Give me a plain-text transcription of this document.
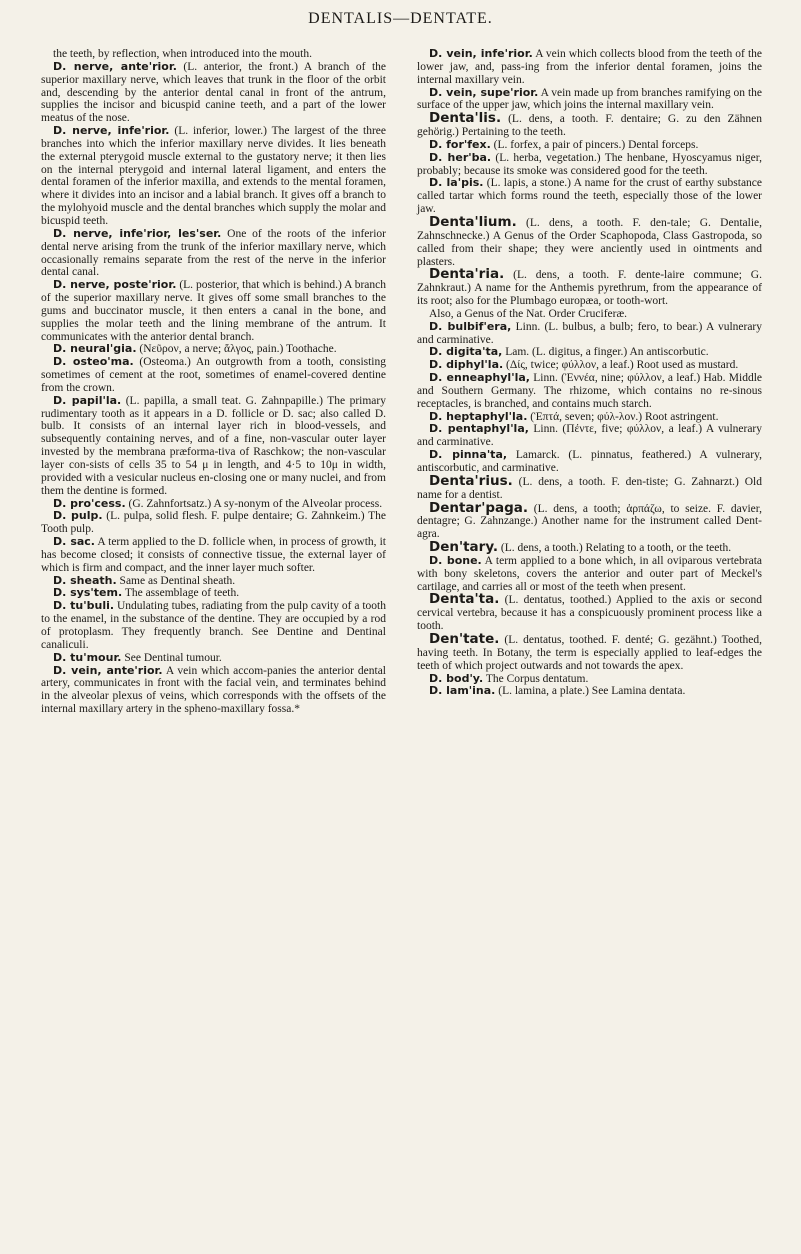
DENTALIS—DENTATE.

the teeth, by reflection, when introduced into the mouth.

D. nerve, ante'rior. (L. anterior, the front.) A branch of the superior maxillary nerve, which leaves that trunk in the floor of the orbit and, descending by the anterior dental canal in front of the antrum, supplies the incisor and bicuspid canine teeth, and a part of the lower meatus of the nose.

D. nerve, infe'rior. (L. inferior, lower.) The largest of the three branches into which the inferior maxillary nerve divides. It lies beneath the external pterygoid muscle external to the gustatory nerve; it then lies on the internal pterygoid and internal lateral ligament, and enters the dental foramen of the inferior maxilla, and extends to the mental foramen, where it divides into an incisor and a labial branch. It gives off a branch to the mylohyoid muscle and the dental branches which supply the molar and bicuspid teeth.

D. nerve, infe'rior, les'ser. One of the roots of the inferior dental nerve arising from the trunk of the inferior maxillary nerve, which occasionally remains separate from the rest of the nerve in the inferior dental canal.

D. nerve, poste'rior. (L. posterior, that which is behind.) A branch of the superior maxillary nerve. It gives off some small branches to the gums and buccinator muscle, it then enters a canal in the bone, and supplies the molar teeth and the lining membrane of the antrum. It communicates with the anterior dental branch.

D. neural'gia. (Νεῦρον, a nerve; ἄλγος, pain.) Toothache.

D. osteo'ma. (Osteoma.) An outgrowth from a tooth, consisting sometimes of cement at the root, sometimes of enamel-covered dentine from the crown.

D. papil'la. (L. papilla, a small teat. G. Zahnpapille.) The primary rudimentary tooth as it appears in a D. follicle or D. sac; also called D. bulb. It consists of an internal layer rich in blood-vessels, and subsequently containing nerves, and of a fine, non-vascular outer layer invested by the membrana præforma-tiva of Raschkow; the non-vascular layer con-sists of cells 35 to 54 μ in length, and 4·5 to 10μ in width, provided with a vesicular nucleus en-closing one or many nuclei, and from them the dentine is formed.

D. pro'cess. (G. Zahnfortsatz.) A sy-nonym of the Alveolar process.

D. pulp. (L. pulpa, solid flesh. F. pulpe dentaire; G. Zahnkeim.) The Tooth pulp.

D. sac. A term applied to the D. follicle when, in process of growth, it has become closed; it consists of connective tissue, the external layer of which is firm and compact, and the inner layer much softer.

D. sheath. Same as Dentinal sheath.

D. sys'tem. The assemblage of teeth.

D. tu'buli. Undulating tubes, radiating from the pulp cavity of a tooth to the enamel, in the substance of the dentine. They are occupied by a rod of protoplasm. They frequently branch. See Dentine and Dentinal canaliculi.

D. tu'mour. See Dentinal tumour.

D. vein, ante'rior. A vein which accom-panies the anterior dental artery, communicates in front with the facial vein, and terminates behind in the alveolar plexus of veins, which corresponds with the offsets of the internal maxillary artery in the spheno-maxillary fossa.*

D. vein, infe'rior. A vein which collects blood from the teeth of the lower jaw, and, pass-ing from the inferior dental foramen, joins the internal maxillary vein.

D. vein, supe'rior. A vein made up from branches ramifying on the surface of the upper jaw, which joins the internal maxillary vein.

Denta'lis. (L. dens, a tooth. F. dentaire; G. zu den Zähnen gehörig.) Pertaining to the teeth.

D. for'fex. (L. forfex, a pair of pincers.) Dental forceps.

D. her'ba. (L. herba, vegetation.) The henbane, Hyoscyamus niger, probably; because its smoke was considered good for the teeth.

D. la'pis. (L. lapis, a stone.) A name for the crust of earthy substance called tartar which forms round the teeth, especially those of the lower jaw.

Denta'lium. (L. dens, a tooth. F. den-tale; G. Dentalie, Zahnschnecke.) A Genus of the Order Scaphopoda, Class Gastropoda, so called from their shape; they were anciently used in ointments and plasters.

Denta'ria. (L. dens, a tooth. F. dente-laire commune; G. Zahnkraut.) A name for the Anthemis pyrethrum, from the appearance of its root; also for the Plumbago europæa, or tooth-wort.

Also, a Genus of the Nat. Order Cruciferæ.

D. bulbif'era, Linn. (L. bulbus, a bulb; fero, to bear.) A vulnerary and carminative.

D. digita'ta, Lam. (L. digitus, a finger.) An antiscorbutic.

D. diphyl'la. (Δίς, twice; φύλλον, a leaf.) Root used as mustard.

D. enneaphyl'la, Linn. (Ἐννέα, nine; φύλλον, a leaf.) Hab. Middle and Southern Germany. The rhizome, which contains no re-sinous receptacles, is branched, and contains much starch.

D. heptaphyl'la. (Ἑπτά, seven; φύλ-λον.) Root astringent.

D. pentaphyl'la, Linn. (Πέντε, five; φύλλον, a leaf.) A vulnerary and carminative.

D. pinna'ta, Lamarck. (L. pinnatus, feathered.) A vulnerary, antiscorbutic, and carminative.

Denta'rius. (L. dens, a tooth. F. den-tiste; G. Zahnarzt.) Old name for a dentist.

Dentar'paga. (L. dens, a tooth; ἁρπάζω, to seize. F. davier, dentagre; G. Zahnzange.) Another name for the instrument called Dent-agra.

Den'tary. (L. dens, a tooth.) Relating to a tooth, or the teeth.

D. bone. A term applied to a bone which, in all oviparous vertebrata with bony skeletons, covers the anterior and outer part of Meckel's cartilage, and carries all or most of the teeth when present.

Denta'ta. (L. dentatus, toothed.) Applied to the axis or second cervical vertebra, because it has a conspicuously prominent process like a tooth.

Den'tate. (L. dentatus, toothed. F. denté; G. gezähnt.) Toothed, having teeth. In Botany, the term is especially applied to leaf-edges the teeth of which project outwards and not towards the apex.

D. bod'y. The Corpus dentatum.

D. lam'ina. (L. lamina, a plate.) See Lamina dentata.
